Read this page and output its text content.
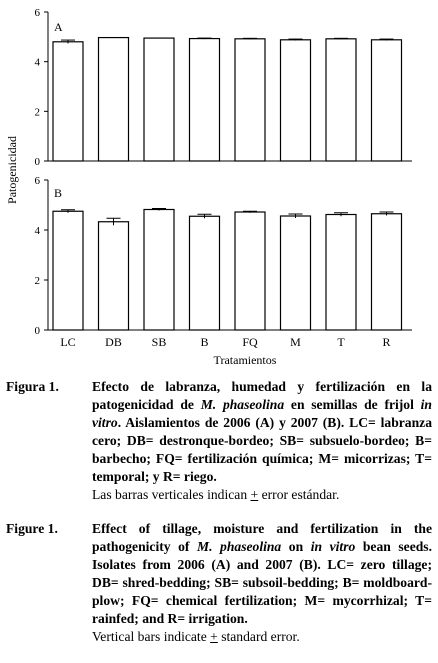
A
0
2
4
6
B
0
2
4
6
LC DB SB	B	FQ	M	T	R
Patogenicidad
Tratamientos
Figura 1.	Efecto de labranza, humedad y fertilización en la patogenicidad de M. phaseolina en semillas de frijol in vitro. Aislamientos de 2006 (A) y 2007 (B). LC= labranza cero; DB= destronque-bordeo; SB= subsuelo-bordeo; B= barbecho; FQ= fertilización química; M= micorrizas; T= temporal; y R= riego.
Las barras verticales indican + error estándar.
Figure 1.	Effect of tillage, moisture and fertilization in the pathogenicity of M. phaseolina on in vitro bean seeds. Isolates from 2006 (A) and 2007 (B). LC= zero tillage; DB= shred-bedding; SB= subsoil-bedding; B= moldboard-plow; FQ= chemical fertilization; M= mycorrhizal; T= rainfed; and R= irrigation.
Vertical bars indicate + standard error.
